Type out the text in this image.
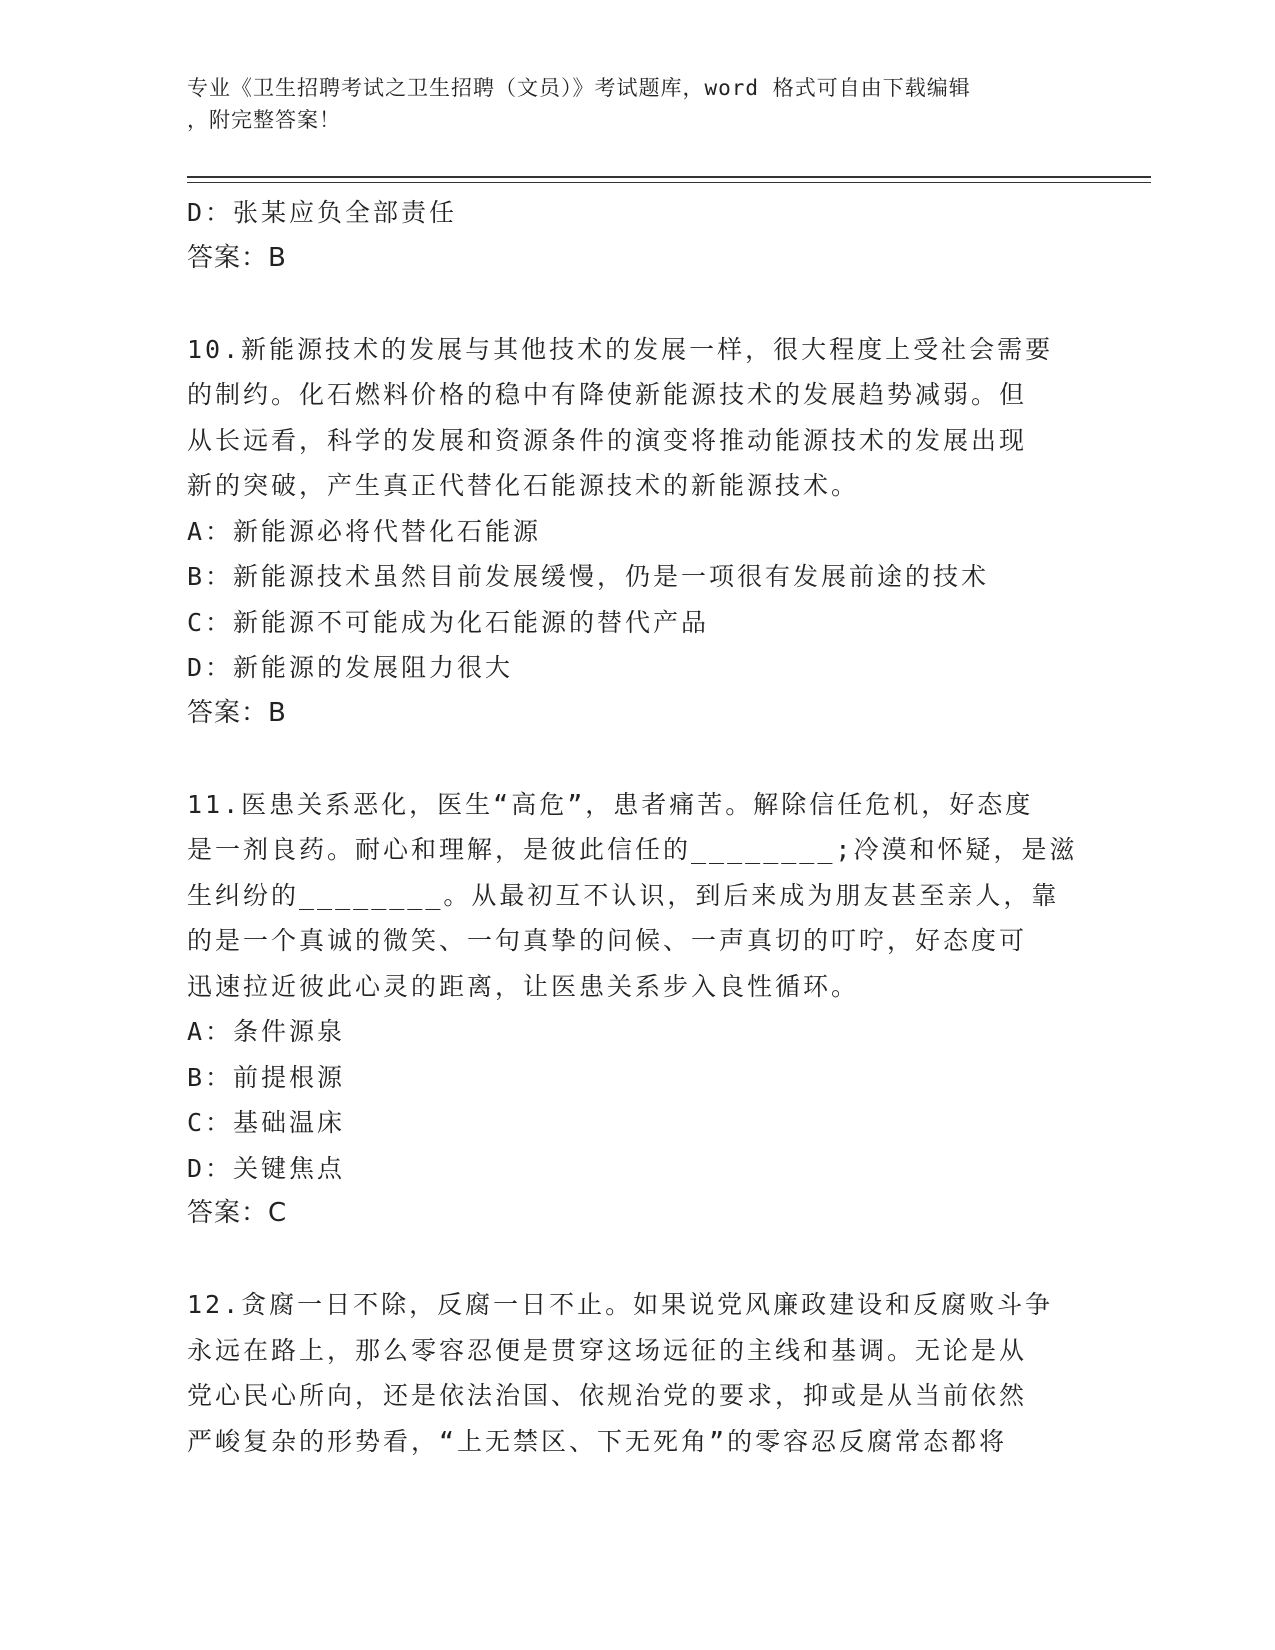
专业《卫生招聘考试之卫生招聘（文员）》考试题库，word 格式可自由下载编辑
，附完整答案！
D：张某应负全部责任
答案：B
10.新能源技术的发展与其他技术的发展一样，很大程度上受社会需要
的制约。化石燃料价格的稳中有降使新能源技术的发展趋势减弱。但
从长远看，科学的发展和资源条件的演变将推动能源技术的发展出现
新的突破，产生真正代替化石能源技术的新能源技术。
A：新能源必将代替化石能源
B：新能源技术虽然目前发展缓慢，仍是一项很有发展前途的技术
C：新能源不可能成为化石能源的替代产品
D：新能源的发展阻力很大
答案：B
11.医患关系恶化，医生“高危”，患者痛苦。解除信任危机，好态度
是一剂良药。耐心和理解，是彼此信任的________;冷漠和怀疑，是滋
生纠纷的________。从最初互不认识，到后来成为朋友甚至亲人，靠
的是一个真诚的微笑、一句真挚的问候、一声真切的叮咛，好态度可
迅速拉近彼此心灵的距离，让医患关系步入良性循环。
A：条件源泉
B：前提根源
C：基础温床
D：关键焦点
答案：C
12.贪腐一日不除，反腐一日不止。如果说党风廉政建设和反腐败斗争
永远在路上，那么零容忍便是贯穿这场远征的主线和基调。无论是从
党心民心所向，还是依法治国、依规治党的要求，抑或是从当前依然
严峻复杂的形势看，“上无禁区、下无死角”的零容忍反腐常态都将
